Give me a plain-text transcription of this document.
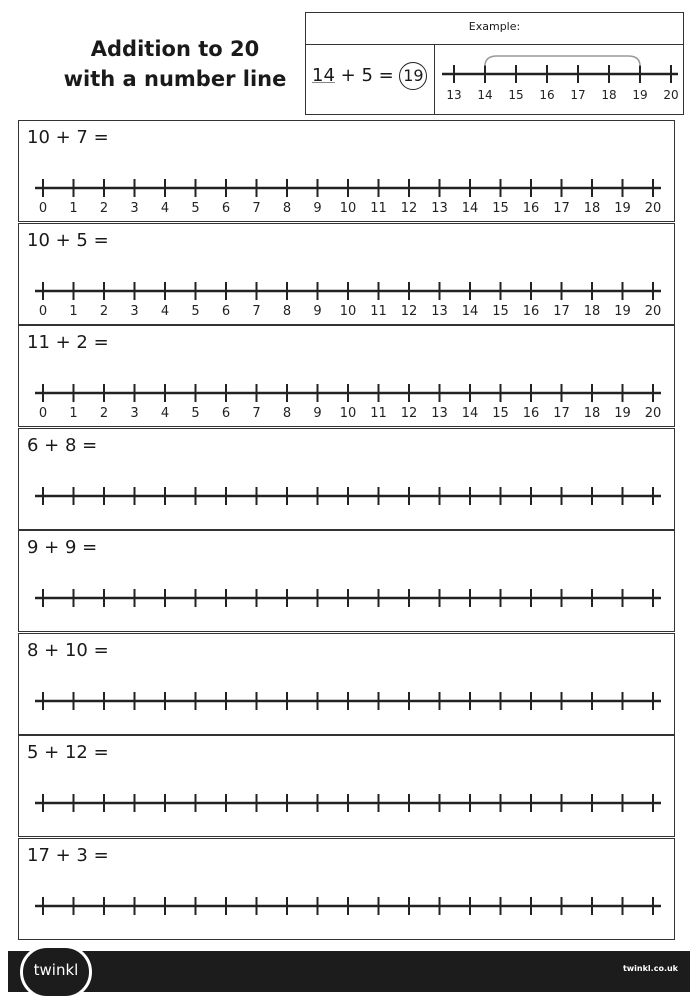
Addition to 20
with a number line
Example:
14 + 5 = 19
13 14 15 16 17 18 19 20
10 + 7 =
0 1 2 3 4 5 6 7 8 9 10 11 12 13 14 15 16 17 18 19 20
10 + 5 =
0 1 2 3 4 5 6 7 8 9 10 11 12 13 14 15 16 17 18 19 20
11 + 2 =
0 1 2 3 4 5 6 7 8 9 10 11 12 13 14 15 16 17 18 19 20
6 + 8 =
9 + 9 =
8 + 10 =
5 + 12 =
17 + 3 =
twinkl	twinkl.co.uk
